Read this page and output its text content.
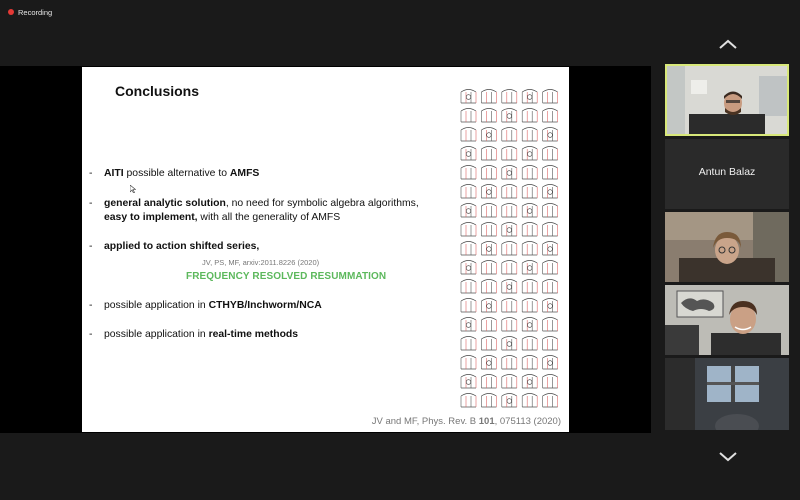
Recording
Conclusions
- AITI possible alternative to AMFS
- general analytic solution, no need for symbolic algebra algorithms,
easy to implement, with all the generality of AMFS
- applied to action shifted series,
JV, PS, MF, arxiv:2011.8226 (2020)
FREQUENCY RESOLVED RESUMMATION
- possible application in CTHYB/Inchworm/NCA
- possible application in real-time methods
JV and MF, Phys. Rev. B 101, 075113 (2020)
Antun Balaz
